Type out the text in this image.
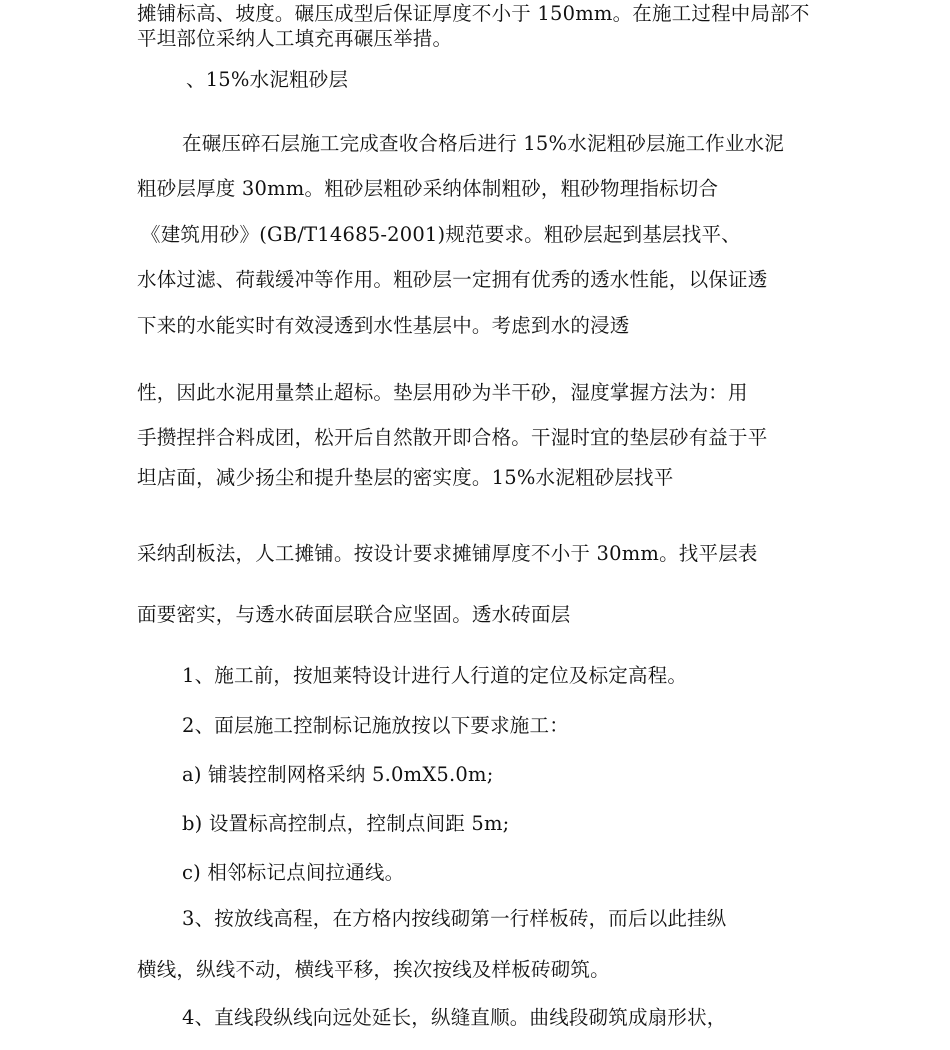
摊铺标高、坡度。碾压成型后保证厚度不小于 150mm。在施工过程中局部不
平坦部位采纳人工填充再碾压举措。
、15%水泥粗砂层
在碾压碎石层施工完成查收合格后进行 15%水泥粗砂层施工作业水泥
粗砂层厚度 30mm。粗砂层粗砂采纳体制粗砂，粗砂物理指标切合
《建筑用砂》(GB/T14685-2001)规范要求。粗砂层起到基层找平、
水体过滤、荷载缓冲等作用。粗砂层一定拥有优秀的透水性能，以保证透
下来的水能实时有效浸透到水性基层中。考虑到水的浸透
性，因此水泥用量禁止超标。垫层用砂为半干砂，湿度掌握方法为：用
手攒捏拌合料成团，松开后自然散开即合格。干湿时宜的垫层砂有益于平
坦店面，减少扬尘和提升垫层的密实度。15%水泥粗砂层找平
采纳刮板法，人工摊铺。按设计要求摊铺厚度不小于 30mm。找平层表
面要密实，与透水砖面层联合应坚固。透水砖面层
1、施工前，按旭莱特设计进行人行道的定位及标定高程。
2、面层施工控制标记施放按以下要求施工：
a) 铺装控制网格采纳 5.0mX5.0m;
b) 设置标高控制点，控制点间距 5m;
c) 相邻标记点间拉通线。
3、按放线高程，在方格内按线砌第一行样板砖，而后以此挂纵
横线，纵线不动，横线平移，挨次按线及样板砖砌筑。
4、直线段纵线向远处延长，纵缝直顺。曲线段砌筑成扇形状，
